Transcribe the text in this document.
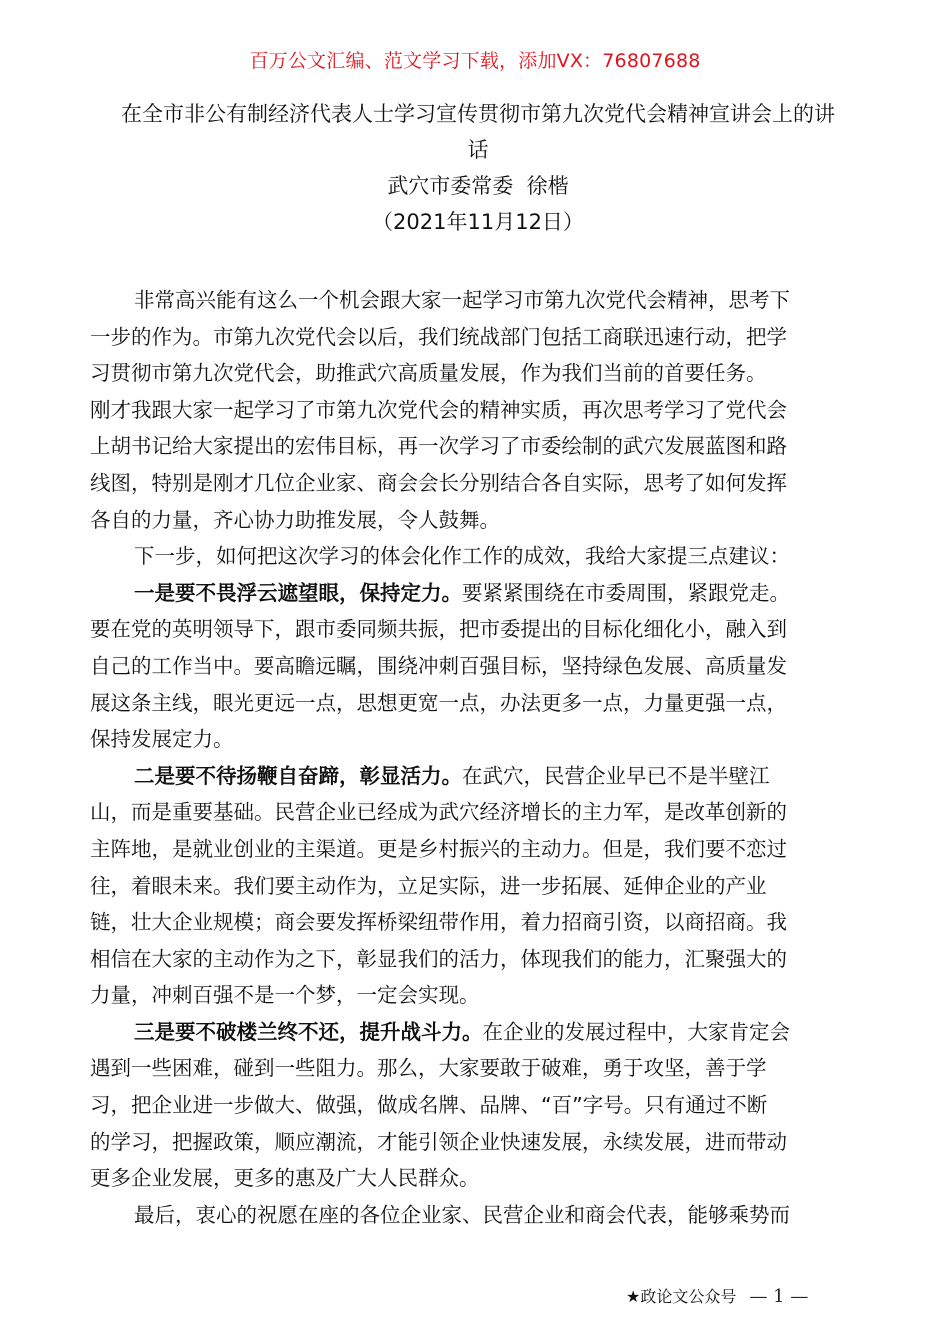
百万公文汇编、范文学习下载，添加VX：76807688
在全市非公有制经济代表人士学习宣传贯彻市第九次党代会精神宣讲会上的讲
话
武穴市委常委  徐楷
（2021年11月12日）
非常高兴能有这么一个机会跟大家一起学习市第九次党代会精神，思考下
一步的作为。市第九次党代会以后，我们统战部门包括工商联迅速行动，把学
习贯彻市第九次党代会，助推武穴高质量发展，作为我们当前的首要任务。
刚才我跟大家一起学习了市第九次党代会的精神实质，再次思考学习了党代会
上胡书记给大家提出的宏伟目标，再一次学习了市委绘制的武穴发展蓝图和路
线图，特别是刚才几位企业家、商会会长分别结合各自实际，思考了如何发挥
各自的力量，齐心协力助推发展，令人鼓舞。
下一步，如何把这次学习的体会化作工作的成效，我给大家提三点建议：
一是要不畏浮云遮望眼，保持定力。要紧紧围绕在市委周围，紧跟党走。
要在党的英明领导下，跟市委同频共振，把市委提出的目标化细化小，融入到
自己的工作当中。要高瞻远瞩，围绕冲刺百强目标，坚持绿色发展、高质量发
展这条主线，眼光更远一点，思想更宽一点，办法更多一点，力量更强一点，
保持发展定力。
二是要不待扬鞭自奋蹄，彰显活力。在武穴，民营企业早已不是半壁江
山，而是重要基础。民营企业已经成为武穴经济增长的主力军，是改革创新的
主阵地，是就业创业的主渠道。更是乡村振兴的主动力。但是，我们要不恋过
往，着眼未来。我们要主动作为，立足实际，进一步拓展、延伸企业的产业
链，壮大企业规模；商会要发挥桥梁纽带作用，着力招商引资，以商招商。我
相信在大家的主动作为之下，彰显我们的活力，体现我们的能力，汇聚强大的
力量，冲刺百强不是一个梦，一定会实现。
三是要不破楼兰终不还，提升战斗力。在企业的发展过程中，大家肯定会
遇到一些困难，碰到一些阻力。那么，大家要敢于破难，勇于攻坚，善于学
习，把企业进一步做大、做强，做成名牌、品牌、“百”字号。只有通过不断
的学习，把握政策，顺应潮流，才能引领企业快速发展，永续发展，进而带动
更多企业发展，更多的惠及广大人民群众。
最后，衷心的祝愿在座的各位企业家、民营企业和商会代表，能够乘势而
★政论文公众号 — 1 —
